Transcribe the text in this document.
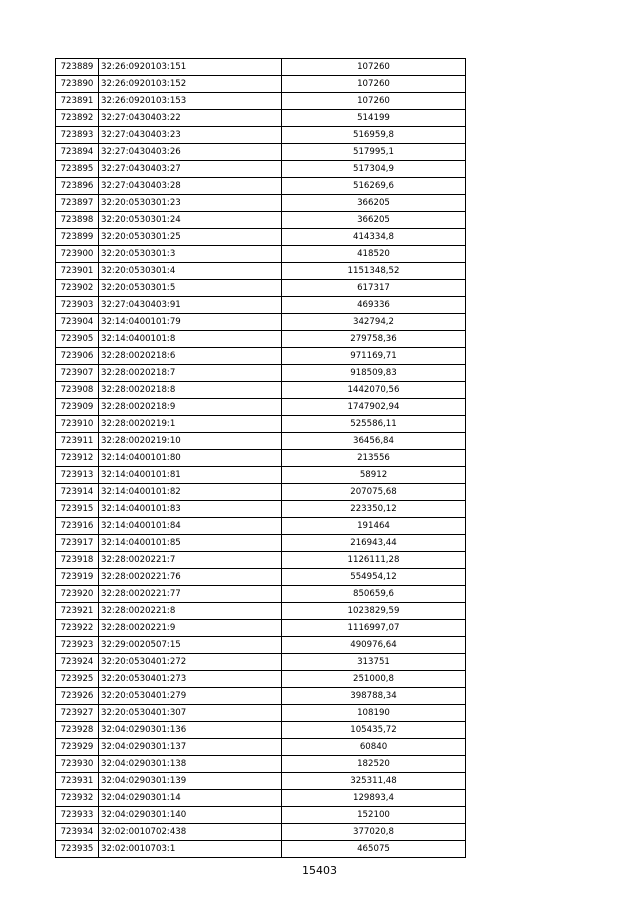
723889	32:26:0920103:151	107260
723890	32:26:0920103:152	107260
723891	32:26:0920103:153	107260
723892	32:27:0430403:22	514199
723893	32:27:0430403:23	516959,8
723894	32:27:0430403:26	517995,1
723895	32:27:0430403:27	517304,9
723896	32:27:0430403:28	516269,6
723897	32:20:0530301:23	366205
723898	32:20:0530301:24	366205
723899	32:20:0530301:25	414334,8
723900	32:20:0530301:3	418520
723901	32:20:0530301:4	1151348,52
723902	32:20:0530301:5	617317
723903	32:27:0430403:91	469336
723904	32:14:0400101:79	342794,2
723905	32:14:0400101:8	279758,36
723906	32:28:0020218:6	971169,71
723907	32:28:0020218:7	918509,83
723908	32:28:0020218:8	1442070,56
723909	32:28:0020218:9	1747902,94
723910	32:28:0020219:1	525586,11
723911	32:28:0020219:10	36456,84
723912	32:14:0400101:80	213556
723913	32:14:0400101:81	58912
723914	32:14:0400101:82	207075,68
723915	32:14:0400101:83	223350,12
723916	32:14:0400101:84	191464
723917	32:14:0400101:85	216943,44
723918	32:28:0020221:7	1126111,28
723919	32:28:0020221:76	554954,12
723920	32:28:0020221:77	850659,6
723921	32:28:0020221:8	1023829,59
723922	32:28:0020221:9	1116997,07
723923	32:29:0020507:15	490976,64
723924	32:20:0530401:272	313751
723925	32:20:0530401:273	251000,8
723926	32:20:0530401:279	398788,34
723927	32:20:0530401:307	108190
723928	32:04:0290301:136	105435,72
723929	32:04:0290301:137	60840
723930	32:04:0290301:138	182520
723931	32:04:0290301:139	325311,48
723932	32:04:0290301:14	129893,4
723933	32:04:0290301:140	152100
723934	32:02:0010702:438	377020,8
723935	32:02:0010703:1	465075
15403
